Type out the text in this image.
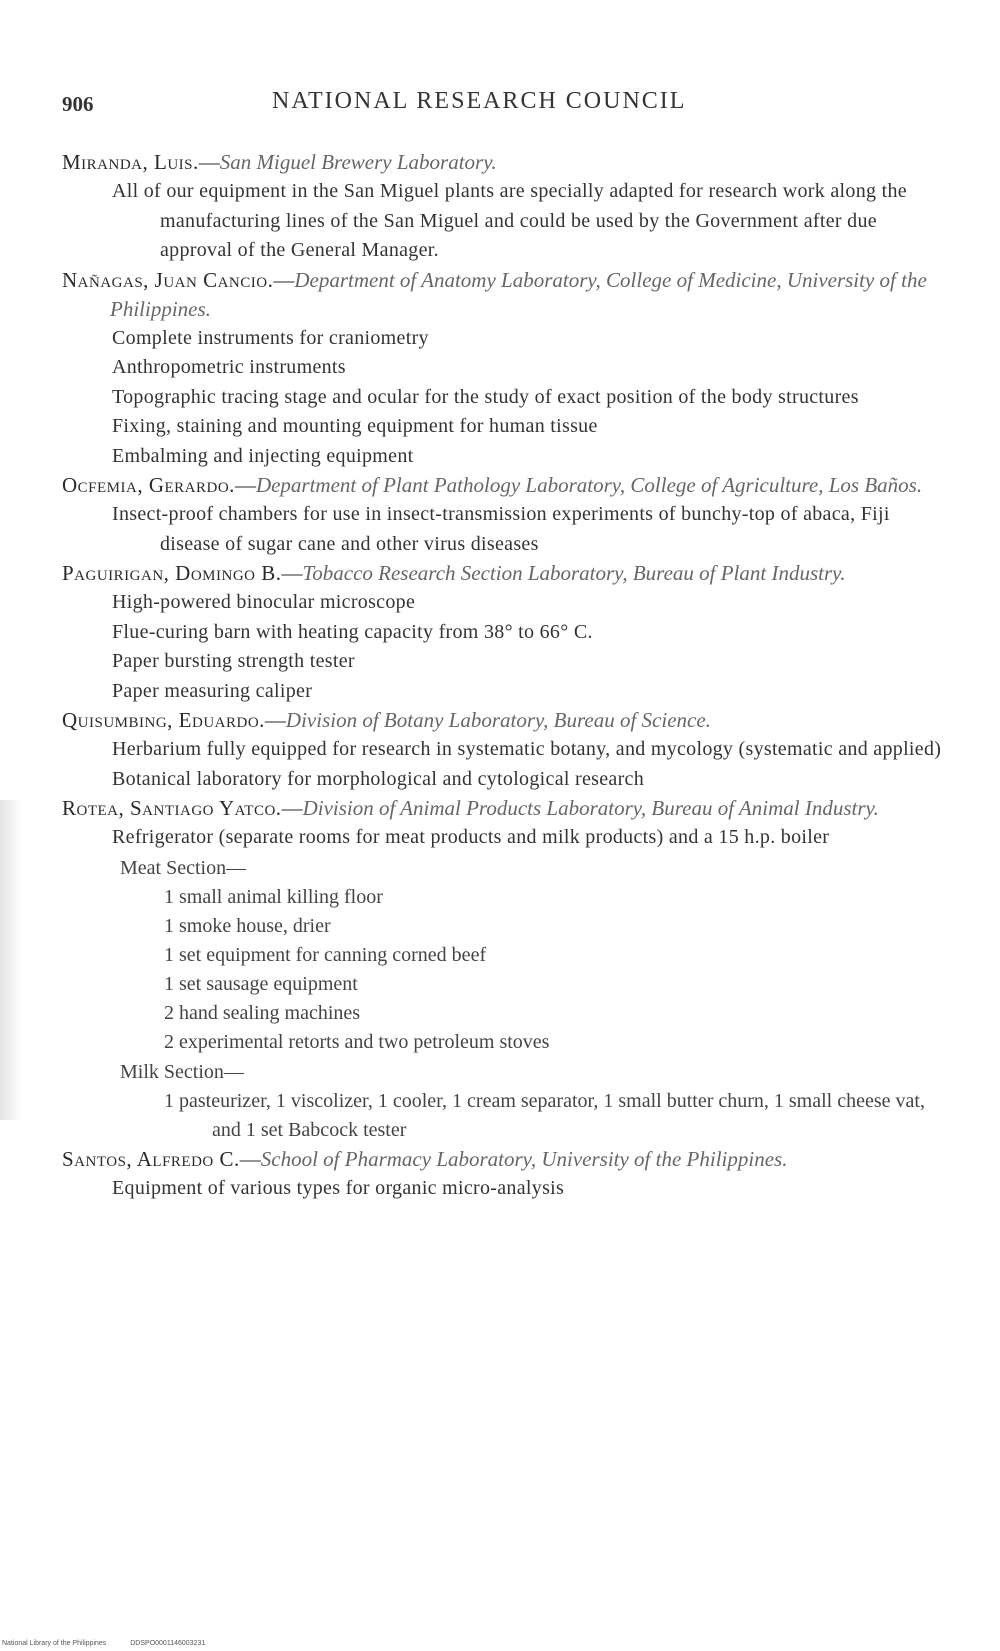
906	NATIONAL RESEARCH COUNCIL

Miranda, Luis.—San Miguel Brewery Laboratory.

All of our equipment in the San Miguel plants are specially adapted for research work along the manufacturing lines of the San Miguel and could be used by the Government after due approval of the General Manager.

Nañagas, Juan Cancio.—Department of Anatomy Laboratory, College of Medicine, University of the Philippines.

Complete instruments for craniometry

Anthropometric instruments

Topographic tracing stage and ocular for the study of exact position of the body structures

Fixing, staining and mounting equipment for human tissue

Embalming and injecting equipment

Ocfemia, Gerardo.—Department of Plant Pathology Laboratory, College of Agriculture, Los Baños.

Insect-proof chambers for use in insect-transmission experiments of bunchy-top of abaca, Fiji disease of sugar cane and other virus diseases

Paguirigan, Domingo B.—Tobacco Research Section Laboratory, Bureau of Plant Industry.

High-powered binocular microscope

Flue-curing barn with heating capacity from 38° to 66° C.

Paper bursting strength tester

Paper measuring caliper

Quisumbing, Eduardo.—Division of Botany Laboratory, Bureau of Science.

Herbarium fully equipped for research in systematic botany, and mycology (systematic and applied)

Botanical laboratory for morphological and cytological research

Rotea, Santiago Yatco.—Division of Animal Products Laboratory, Bureau of Animal Industry.

Refrigerator (separate rooms for meat products and milk products) and a 15 h.p. boiler

Meat Section—

1 small animal killing floor

1 smoke house, drier

1 set equipment for canning corned beef

1 set sausage equipment

2 hand sealing machines

2 experimental retorts and two petroleum stoves

Milk Section—

1 pasteurizer, 1 viscolizer, 1 cooler, 1 cream separator, 1 small butter churn, 1 small cheese vat, and 1 set Babcock tester

Santos, Alfredo C.—School of Pharmacy Laboratory, University of the Philippines.

Equipment of various types for organic micro-analysis

National Library of the Philippines	DDSPO0001146003231
